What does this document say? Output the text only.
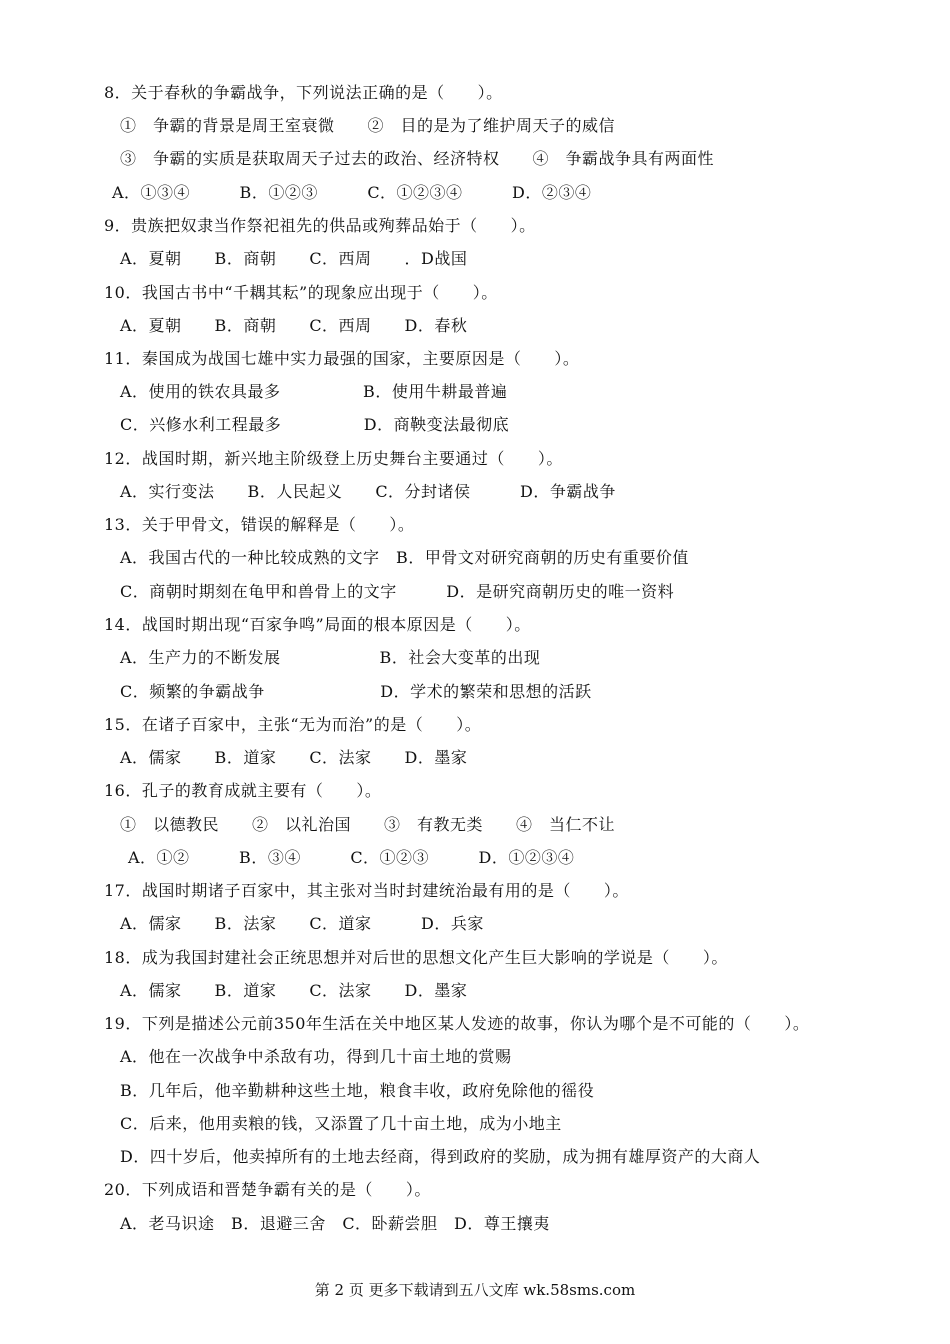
8．关于春秋的争霸战争，下列说法正确的是（　　）。
①　争霸的背景是周王室衰微　　②　目的是为了维护周天子的威信
③　争霸的实质是获取周天子过去的政治、经济特权　　④　争霸战争具有两面性
A．①③④　　　B．①②③　　　C．①②③④　　　D．②③④
9．贵族把奴隶当作祭祀祖先的供品或殉葬品始于（　　）。
A．夏朝　　B．商朝　　C．西周　　．D战国
10．我国古书中“千耦其耘”的现象应出现于（　　）。
A．夏朝　　B．商朝　　C．西周　　D．春秋
11．秦国成为战国七雄中实力最强的国家，主要原因是（　　）。
A．使用的铁农具最多　　　　　B．使用牛耕最普遍
C．兴修水利工程最多　　　　　D．商鞅变法最彻底
12．战国时期，新兴地主阶级登上历史舞台主要通过（　　）。
A．实行变法　　B．人民起义　　C．分封诸侯　　　D．争霸战争
13．关于甲骨文，错误的解释是（　　）。
A．我国古代的一种比较成熟的文字　B．甲骨文对研究商朝的历史有重要价值
C．商朝时期刻在龟甲和兽骨上的文字　　　D．是研究商朝历史的唯一资料
14．战国时期出现“百家争鸣”局面的根本原因是（　　）。
A．生产力的不断发展　　　　　　B．社会大变革的出现
C．频繁的争霸战争　　　　　　　D．学术的繁荣和思想的活跃
15．在诸子百家中，主张“无为而治”的是（　　）。
A．儒家　　B．道家　　C．法家　　D．墨家
16．孔子的教育成就主要有（　　）。
①　以德教民　　②　以礼治国　　③　有教无类　　④　当仁不让
A．①②　　　B．③④　　　C．①②③　　　D．①②③④
17．战国时期诸子百家中，其主张对当时封建统治最有用的是（　　）。
A．儒家　　B．法家　　C．道家　　　D．兵家
18．成为我国封建社会正统思想并对后世的思想文化产生巨大影响的学说是（　　）。
A．儒家　　B．道家　　C．法家　　D．墨家
19．下列是描述公元前350年生活在关中地区某人发迹的故事，你认为哪个是不可能的（　　）。
A．他在一次战争中杀敌有功，得到几十亩土地的赏赐
B．几年后，他辛勤耕种这些土地，粮食丰收，政府免除他的徭役
C．后来，他用卖粮的钱，又添置了几十亩土地，成为小地主
D．四十岁后，他卖掉所有的土地去经商，得到政府的奖励，成为拥有雄厚资产的大商人
20．下列成语和晋楚争霸有关的是（　　）。
A．老马识途　B．退避三舍　C．卧薪尝胆　D．尊王攘夷
第 2 页 更多下载请到五八文库 wk.58sms.com
